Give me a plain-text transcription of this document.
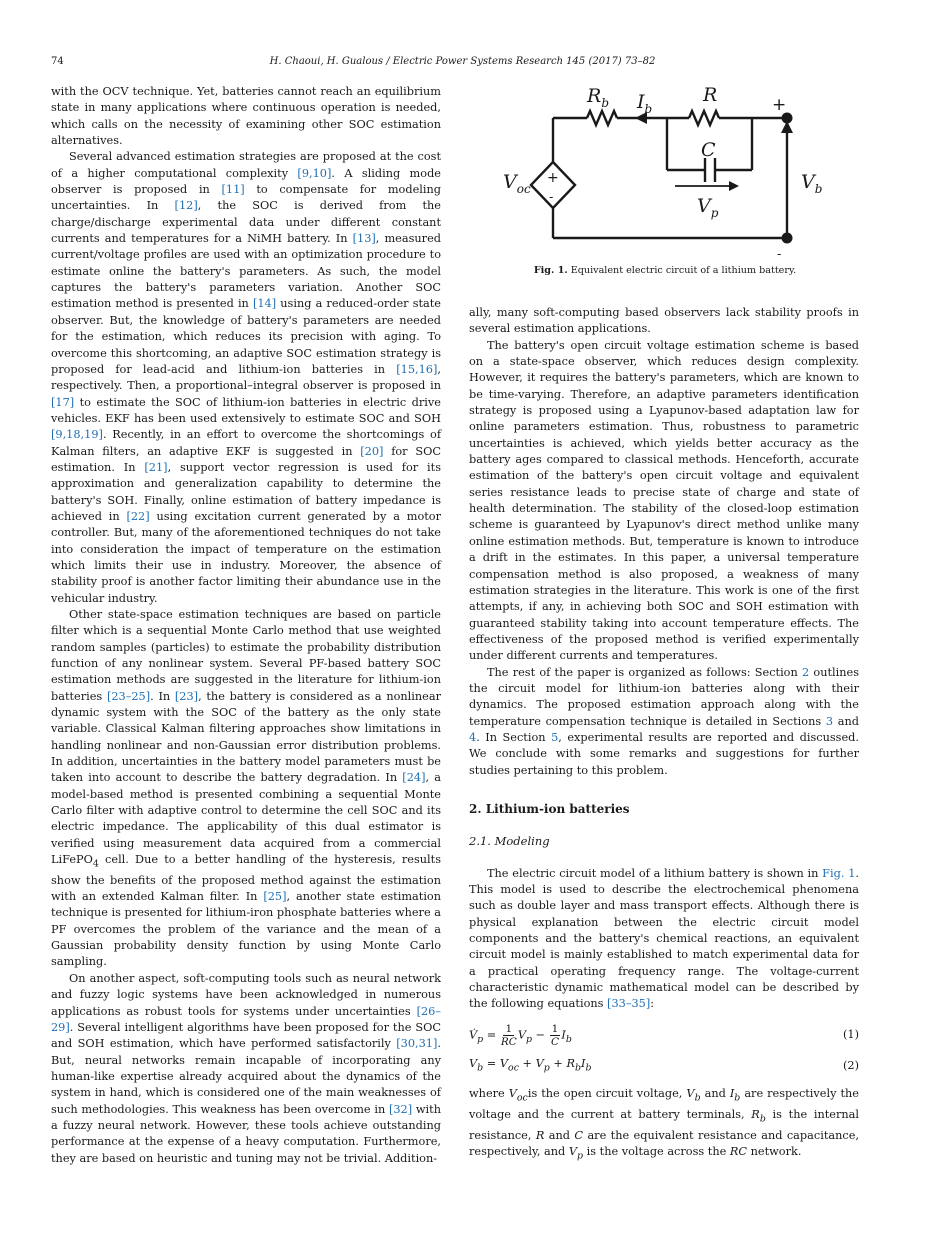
74	H. Chaoui, H. Gualous / Electric Power Systems Research 145 (2017) 73–82

with the OCV technique. Yet, batteries cannot reach an equilibrium state in many applications where continuous operation is needed, which calls on the necessity of examining other SOC estimation alternatives.

Several advanced estimation strategies are proposed at the cost of a higher computational complexity [9,10]. A sliding mode observer is proposed in [11] to compensate for modeling uncertainties. In [12], the SOC is derived from the charge/discharge experimental data under different constant currents and temperatures for a NiMH battery. In [13], measured current/voltage profiles are used with an optimization procedure to estimate online the battery's parameters. As such, the model captures the battery's parameters variation. Another SOC estimation method is presented in [14] using a reduced-order state observer. But, the knowledge of battery's parameters are needed for the estimation, which reduces its precision with aging. To overcome this shortcoming, an adaptive SOC estimation strategy is proposed for lead-acid and lithium-ion batteries in [15,16], respectively. Then, a proportional–integral observer is proposed in [17] to estimate the SOC of lithium-ion batteries in electric drive vehicles. EKF has been used extensively to estimate SOC and SOH [9,18,19]. Recently, in an effort to overcome the shortcomings of Kalman filters, an adaptive EKF is suggested in [20] for SOC estimation. In [21], support vector regression is used for its approximation and generalization capability to determine the battery's SOH. Finally, online estimation of battery impedance is achieved in [22] using excitation current generated by a motor controller. But, many of the aforementioned techniques do not take into consideration the impact of temperature on the estimation which limits their use in industry. Moreover, the absence of stability proof is another factor limiting their abundance use in the vehicular industry.

Other state-space estimation techniques are based on particle filter which is a sequential Monte Carlo method that use weighted random samples (particles) to estimate the probability distribution function of any nonlinear system. Several PF-based battery SOC estimation methods are suggested in the literature for lithium-ion batteries [23–25]. In [23], the battery is considered as a nonlinear dynamic system with the SOC of the battery as the only state variable. Classical Kalman filtering approaches show limitations in handling nonlinear and non-Gaussian error distribution problems. In addition, uncertainties in the battery model parameters must be taken into account to describe the battery degradation. In [24], a model-based method is presented combining a sequential Monte Carlo filter with adaptive control to determine the cell SOC and its electric impedance. The applicability of this dual estimator is verified using measurement data acquired from a commercial LiFePO$_4$ cell. Due to a better handling of the hysteresis, results show the benefits of the proposed method against the estimation with an extended Kalman filter. In [25], another state estimation technique is presented for lithium-iron phosphate batteries where a PF overcomes the problem of the variance and the mean of a Gaussian probability density function by using Monte Carlo sampling.

On another aspect, soft-computing tools such as neural network and fuzzy logic systems have been acknowledged in numerous applications as robust tools for systems under uncertainties [26–29]. Several intelligent algorithms have been proposed for the SOC and SOH estimation, which have performed satisfactorily [30,31]. But, neural networks remain incapable of incorporating any human-like expertise already acquired about the dynamics of the system in hand, which is considered one of the main weaknesses of such methodologies. This weakness has been overcome in [32] with a fuzzy neural network. However, these tools achieve outstanding performance at the expense of a heavy computation. Furthermore, they are based on heuristic and tuning may not be trivial. Addition-

$R_b$ $I_b$
R
C
$V_{oc}$	$V_b$
$V_p$
+
+
-
-
Fig. 1. Equivalent electric circuit of a lithium battery.

ally, many soft-computing based observers lack stability proofs in several estimation applications.

The battery's open circuit voltage estimation scheme is based on a state-space observer, which reduces design complexity. However, it requires the battery's parameters, which are known to be time-varying. Therefore, an adaptive parameters identification strategy is proposed using a Lyapunov-based adaptation law for online parameters estimation. Thus, robustness to parametric uncertainties is achieved, which yields better accuracy as the battery ages compared to classical methods. Henceforth, accurate estimation of the battery's open circuit voltage and equivalent series resistance leads to precise state of charge and state of health determination. The stability of the closed-loop estimation scheme is guaranteed by Lyapunov's direct method unlike many online estimation methods. But, temperature is known to introduce a drift in the estimates. In this paper, a universal temperature compensation method is also proposed, a weakness of many estimation strategies in the literature. This work is one of the first attempts, if any, in achieving both SOC and SOH estimation with guaranteed stability taking into account temperature effects. The effectiveness of the proposed method is verified experimentally under different currents and temperatures.

The rest of the paper is organized as follows: Section 2 outlines the circuit model for lithium-ion batteries along with their dynamics. The proposed estimation approach along with the temperature compensation technique is detailed in Sections 3 and 4. In Section 5, experimental results are reported and discussed. We conclude with some remarks and suggestions for further studies pertaining to this problem.

2. Lithium-ion batteries
2.1. Modeling

The electric circuit model of a lithium battery is shown in Fig. 1. This model is used to describe the electrochemical phenomena such as double layer and mass transport effects. Although there is physical explanation between the electric circuit model components and the battery's chemical reactions, an equivalent circuit model is mainly established to match experimental data for a practical operating frequency range. The voltage-current characteristic dynamic mathematical model can be described by the following equations [33–35]:

$V̇_p = \frac{1}{RC} V_p - \frac{1}{C} I_b$	(1)
$V_b = V_{oc} + V_p + R_bI_b$	(2)

where $V_{oc}is$ the open circuit voltage, $V_b$ and $I_b$ are respectively the voltage and the current at battery terminals, $R_b$ is the internal resistance, R and C are the equivalent resistance and capacitance, respectively, and $V_p$ is the voltage across the RC network.
